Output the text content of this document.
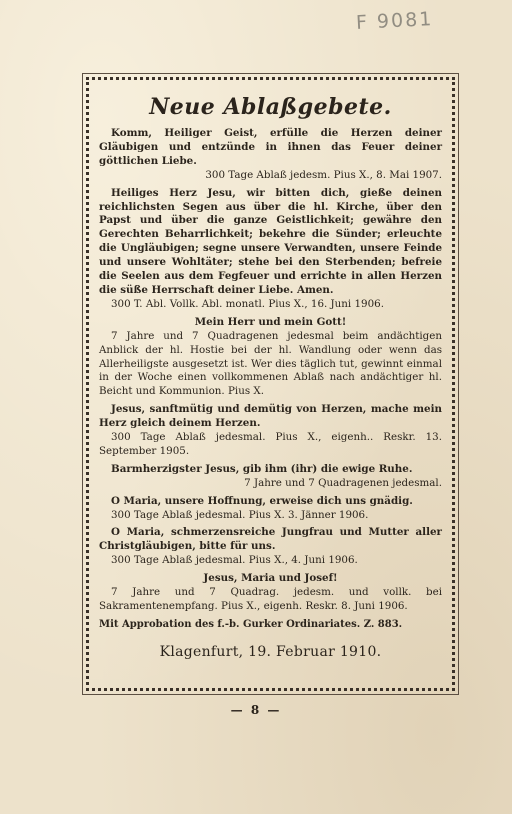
F 9081
Neue Ablaßgebete.

Komm, Heiliger Geist, erfülle die Herzen deiner Gläubigen und entzünde in ihnen das Feuer deiner göttlichen Liebe.

300 Tage Ablaß jedesm. Pius X., 8. Mai 1907.

Heiliges Herz Jesu, wir bitten dich, gieße deinen reichlichsten Segen aus über die hl. Kirche, über den Papst und über die ganze Geistlichkeit; gewähre den Gerechten Beharrlichkeit; bekehre die Sünder; erleuchte die Ungläubigen; segne unsere Verwandten, unsere Feinde und unsere Wohltäter; stehe bei den Sterbenden; befreie die Seelen aus dem Fegfeuer und errichte in allen Herzen die süße Herrschaft deiner Liebe. Amen.

300 T. Abl. Vollk. Abl. monatl. Pius X., 16. Juni 1906.

Mein Herr und mein Gott!

7 Jahre und 7 Quadragenen jedesmal beim andächtigen Anblick der hl. Hostie bei der hl. Wandlung oder wenn das Allerheiligste ausgesetzt ist. Wer dies täglich tut, gewinnt einmal in der Woche einen vollkommenen Ablaß nach andächtiger hl. Beicht und Kommunion. Pius X.

Jesus, sanftmütig und demütig von Herzen, mache mein Herz gleich deinem Herzen.

300 Tage Ablaß jedesmal. Pius X., eigenh.. Reskr. 13. September 1905.

Barmherzigster Jesus, gib ihm (ihr) die ewige Ruhe.

7 Jahre und 7 Quadragenen jedesmal.

O Maria, unsere Hoffnung, erweise dich uns gnädig.

300 Tage Ablaß jedesmal. Pius X. 3. Jänner 1906.

O Maria, schmerzensreiche Jungfrau und Mutter aller Christgläubigen, bitte für uns.

300 Tage Ablaß jedesmal. Pius X., 4. Juni 1906.

Jesus, Maria und Josef!

7 Jahre und 7 Quadrag. jedesm. und vollk. bei Sakramentenempfang. Pius X., eigenh. Reskr. 8. Juni 1906.

Mit Approbation des f.-b. Gurker Ordinariates. Z. 883.

Klagenfurt, 19. Februar 1910.

— 8 —
